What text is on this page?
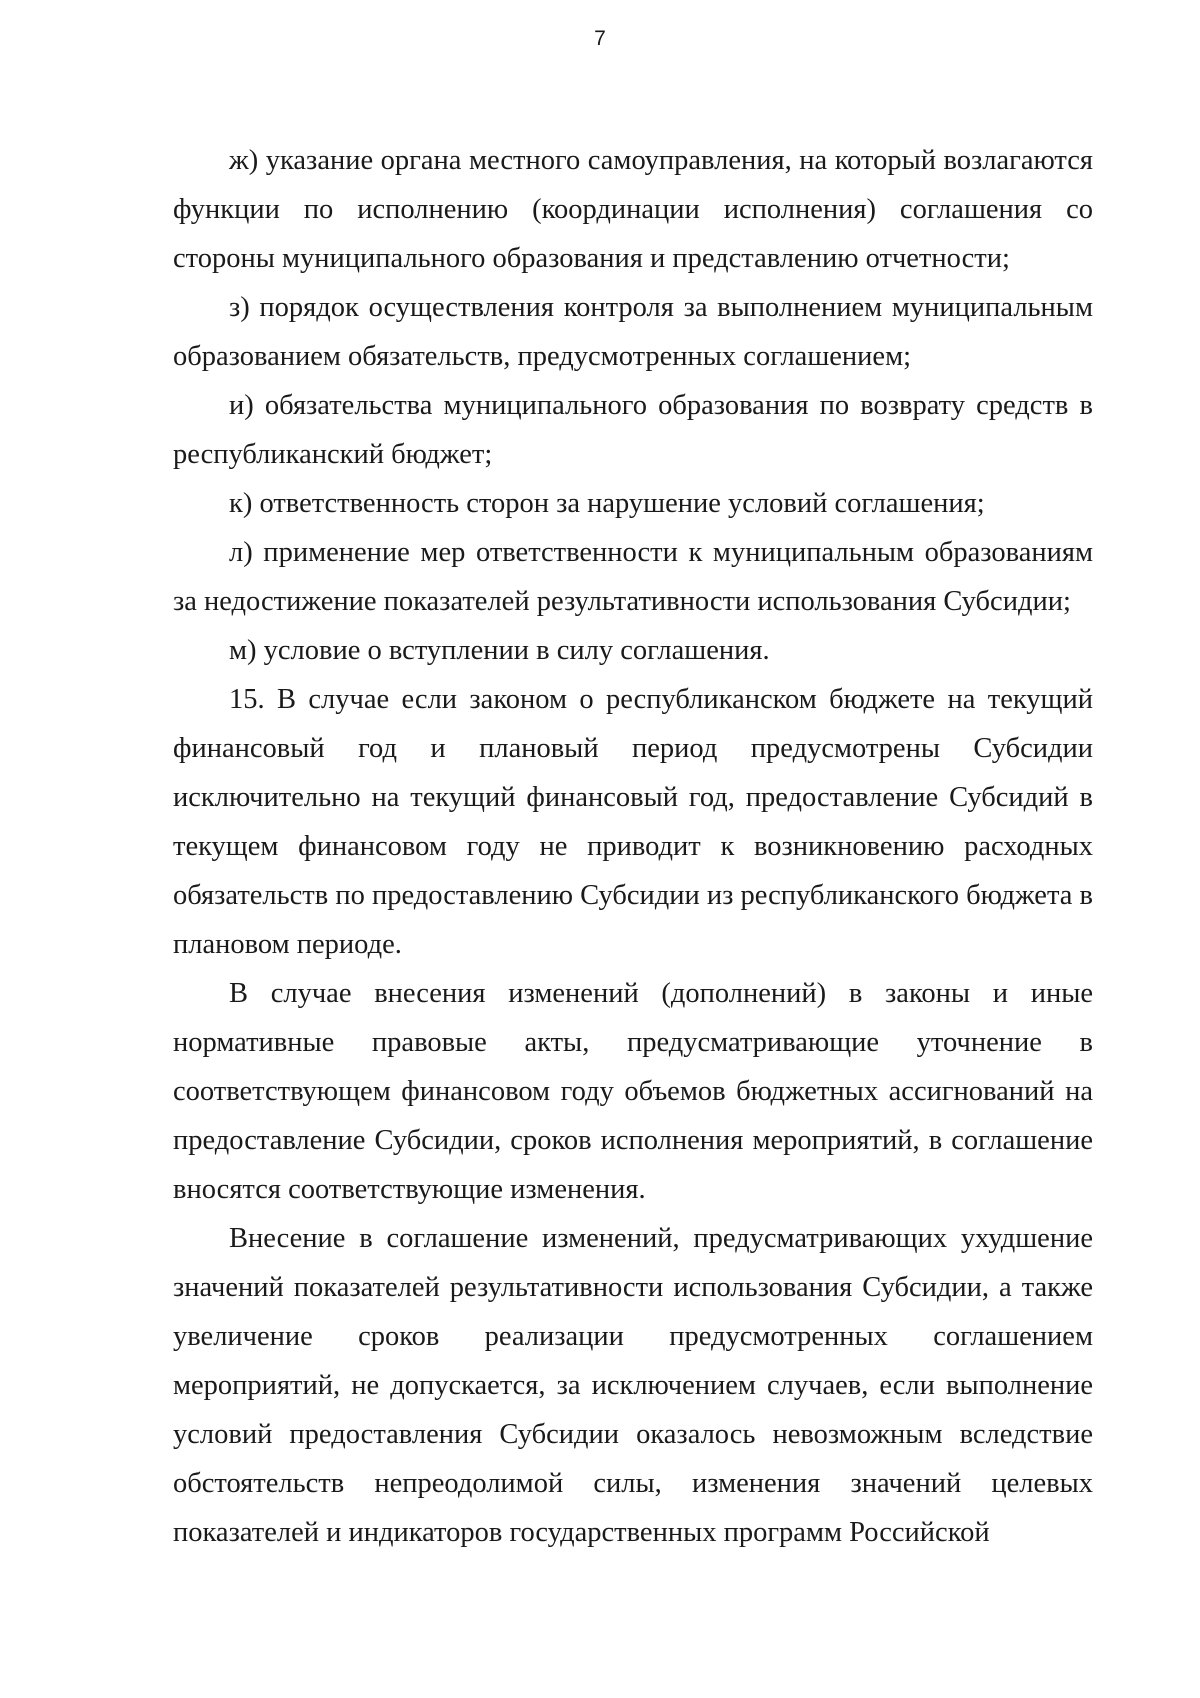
7

ж) указание органа местного самоуправления, на который возлагаются функции по исполнению (координации исполнения) соглашения со стороны муниципального образования и представлению отчетности;

з) порядок осуществления контроля за выполнением муниципальным образованием обязательств, предусмотренных соглашением;

и) обязательства муниципального образования по возврату средств в республиканский бюджет;

к) ответственность сторон за нарушение условий соглашения;

л) применение мер ответственности к муниципальным образованиям за недостижение показателей результативности использования Субсидии;

м) условие о вступлении в силу соглашения.

15. В случае если законом о республиканском бюджете на текущий финансовый год и плановый период предусмотрены Субсидии исключительно на текущий финансовый год, предоставление Субсидий в текущем финансовом году не приводит к возникновению расходных обязательств по предоставлению Субсидии из республиканского бюджета в плановом периоде.

В случае внесения изменений (дополнений) в законы и иные нормативные правовые акты, предусматривающие уточнение в соответствующем финансовом году объемов бюджетных ассигнований на предоставление Субсидии, сроков исполнения мероприятий, в соглашение вносятся соответствующие изменения.

Внесение в соглашение изменений, предусматривающих ухудшение значений показателей результативности использования Субсидии, а также увеличение сроков реализации предусмотренных соглашением мероприятий, не допускается, за исключением случаев, если выполнение условий предоставления Субсидии оказалось невозможным вследствие обстоятельств непреодолимой силы, изменения значений целевых показателей и индикаторов государственных программ Российской
